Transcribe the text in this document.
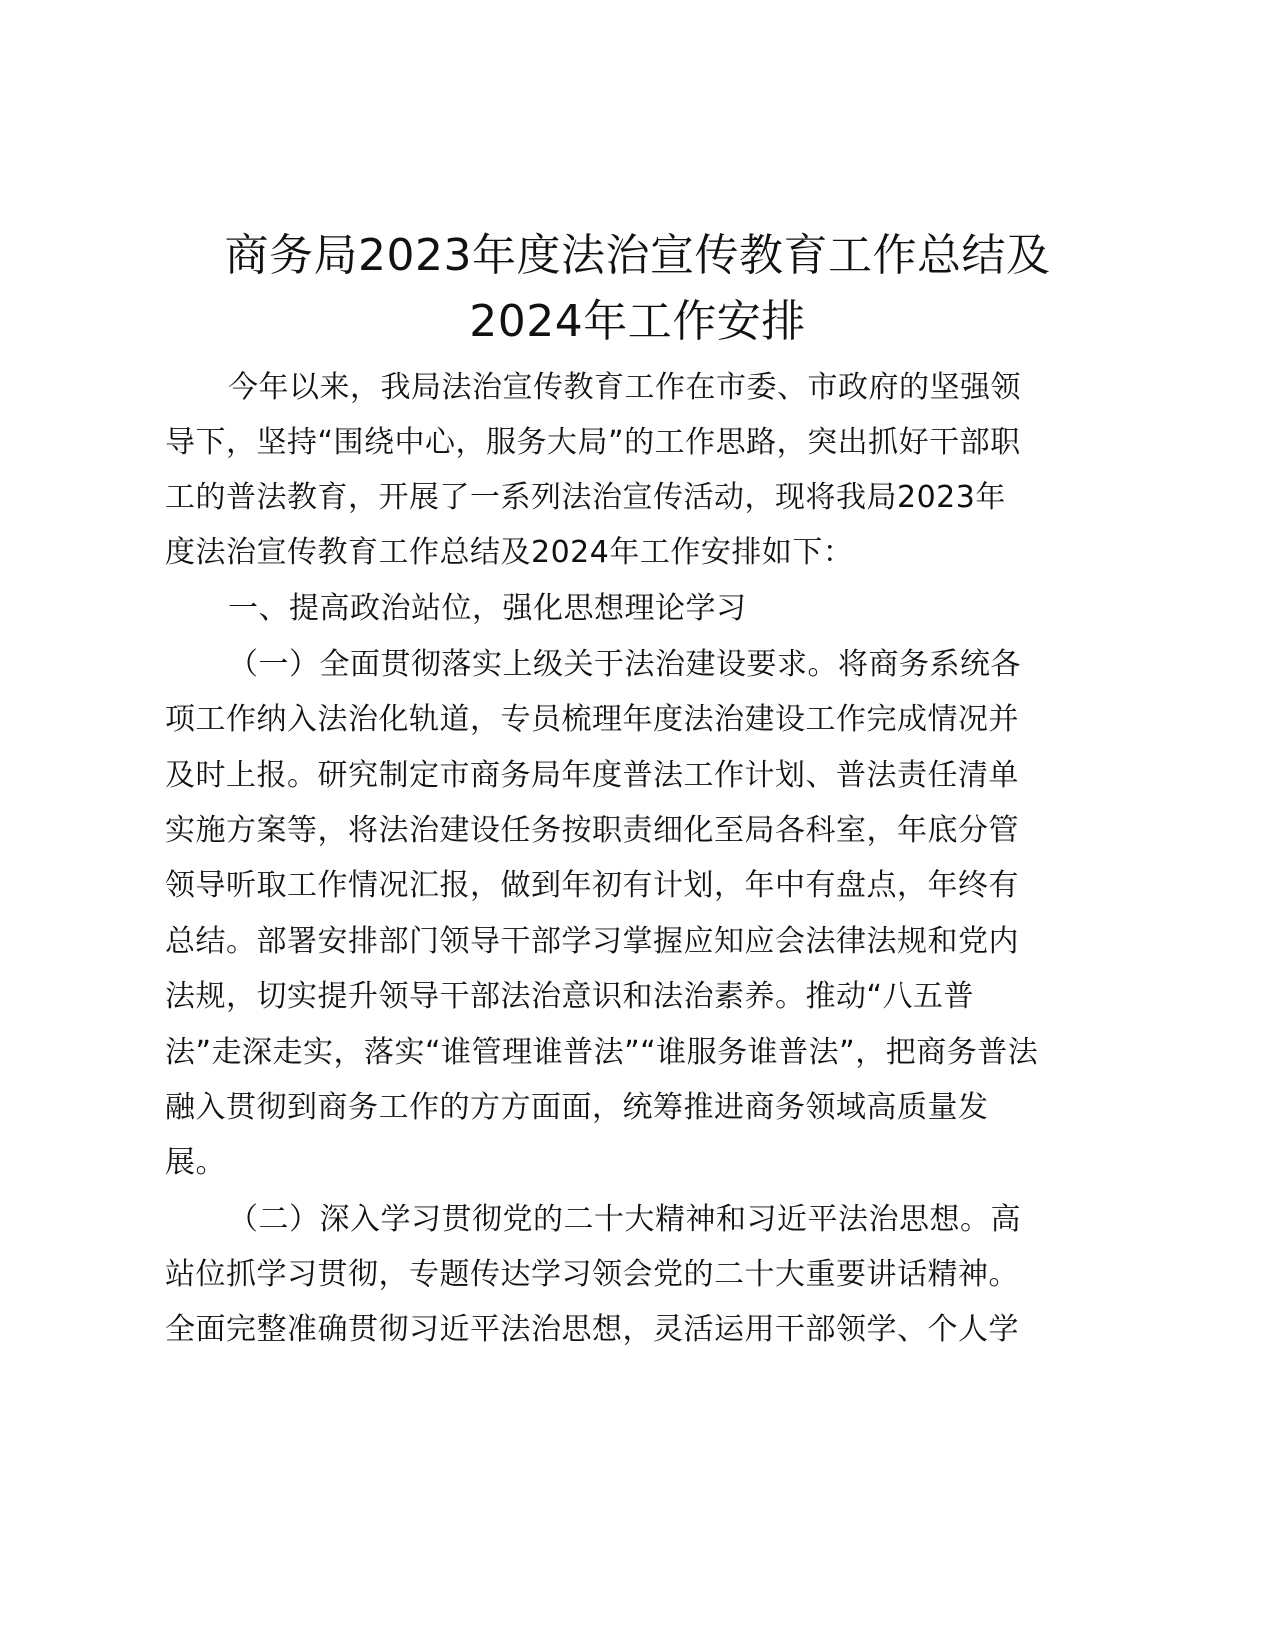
商务局2023年度法治宣传教育工作总结及
2024年工作安排
今年以来，我局法治宣传教育工作在市委、市政府的坚强领
导下，坚持“围绕中心，服务大局”的工作思路，突出抓好干部职
工的普法教育，开展了一系列法治宣传活动，现将我局2023年
度法治宣传教育工作总结及2024年工作安排如下：
一、提高政治站位，强化思想理论学习
（一）全面贯彻落实上级关于法治建设要求。将商务系统各
项工作纳入法治化轨道，专员梳理年度法治建设工作完成情况并
及时上报。研究制定市商务局年度普法工作计划、普法责任清单
实施方案等，将法治建设任务按职责细化至局各科室，年底分管
领导听取工作情况汇报，做到年初有计划，年中有盘点，年终有
总结。部署安排部门领导干部学习掌握应知应会法律法规和党内
法规，切实提升领导干部法治意识和法治素养。推动“八五普
法”走深走实，落实“谁管理谁普法”“谁服务谁普法”，把商务普法
融入贯彻到商务工作的方方面面，统筹推进商务领域高质量发
展。
（二）深入学习贯彻党的二十大精神和习近平法治思想。高
站位抓学习贯彻，专题传达学习领会党的二十大重要讲话精神。
全面完整准确贯彻习近平法治思想，灵活运用干部领学、个人学
